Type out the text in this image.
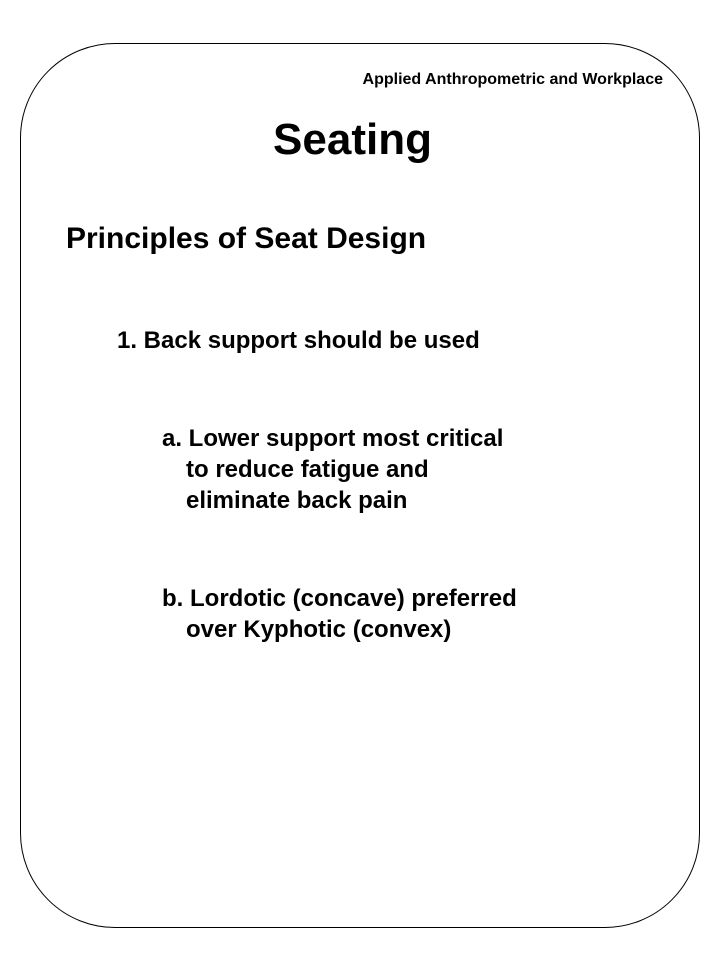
Applied Anthropometric and Workplace
Seating
Principles of Seat Design
1. Back support should be used
a. Lower support most critical
to reduce fatigue and
eliminate back pain
b. Lordotic (concave) preferred
over Kyphotic (convex)
